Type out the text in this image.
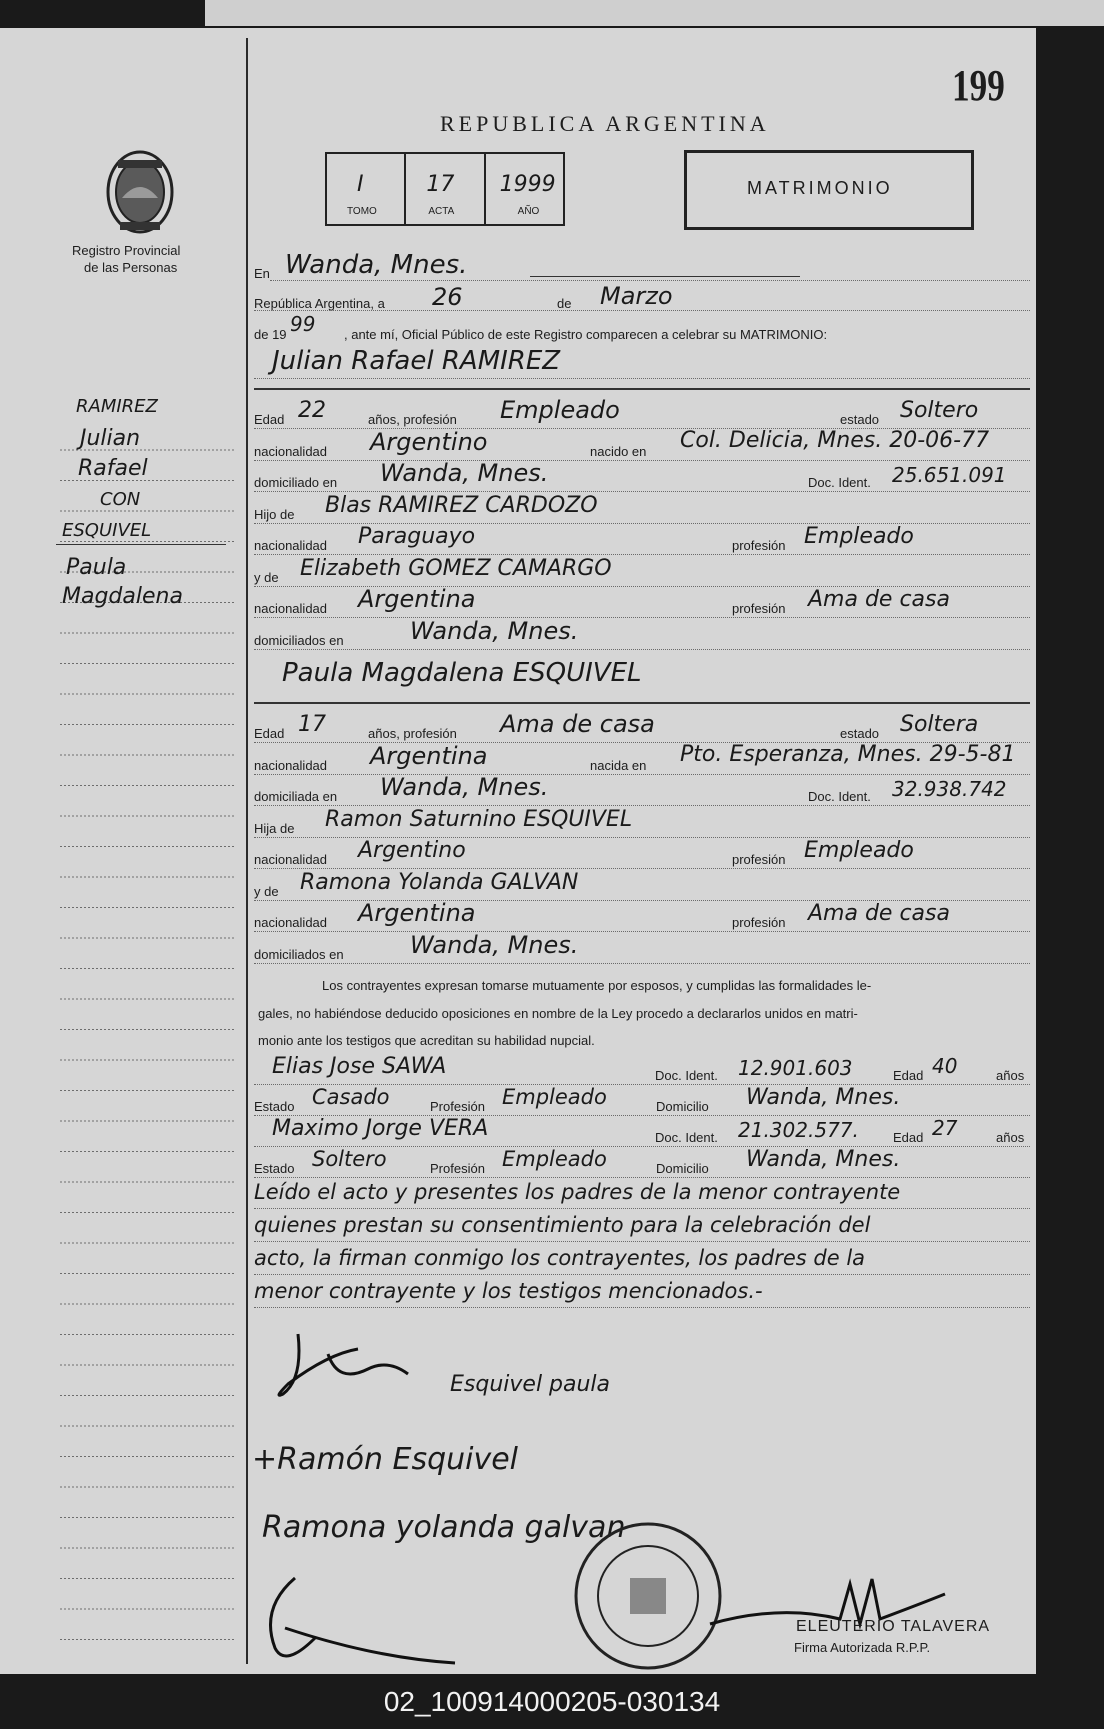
199
Registro Provincial
de las Personas
REPUBLICA ARGENTINA
I
TOMO
17
ACTA
1999
AÑO
MATRIMONIO
RAMIREZ
Julian
Rafael
CON
ESQUIVEL
Paula
Magdalena
En Wanda, Mnes.
República Argentina, a 26	de Marzo
de 19 99 , ante mí, Oficial Público de este Registro comparecen a celebrar su MATRIMONIO:
Julian Rafael RAMIREZ
Paula Magdalena ESQUIVEL
Los contrayentes expresan tomarse mutuamente por esposos, y cumplidas las formalidades le-
gales, no habiéndose deducido oposiciones en nombre de la Ley procedo a declararlos unidos en matri-
monio ante los testigos que acreditan su habilidad nupcial.
Leído el acto y presentes los padres de la menor contrayente
quienes prestan su consentimiento para la celebración del
acto, la firman conmigo los contrayentes, los padres de la
menor contrayente y los testigos mencionados.-
Esquivel paula
+Ramón Esquivel
Ramona yolanda galvan
ELEUTERIO TALAVERA
Firma Autorizada R.P.P.
Edad 22	años, profesión Empleado	estado Soltero
nacionalidad Argentino	nacido en Col. Delicia, Mnes. 20-06-77
domiciliado en Wanda, Mnes.	Doc. Ident. 25.651.091
Hijo de Blas RAMIREZ CARDOZO
nacionalidad Paraguayo	profesión Empleado
y de Elizabeth GOMEZ CAMARGO
nacionalidad Argentina	profesión Ama de casa
domiciliados en	Wanda, Mnes.
Edad 17	años, profesión Ama de casa	estado Soltera
nacionalidad Argentina	nacida en Pto. Esperanza, Mnes. 29-5-81
domiciliada en Wanda, Mnes.	Doc. Ident. 32.938.742
Hija de Ramon Saturnino ESQUIVEL
nacionalidad Argentino	profesión Empleado
y de Ramona Yolanda GALVAN
nacionalidad Argentina	profesión Ama de casa
domiciliados en	Wanda, Mnes.
Elias Jose SAWA	Doc. Ident. 12.901.603	Edad 40	años
Estado Casado	Profesión Empleado	Domicilio Wanda, Mnes.
Maximo Jorge VERA	Doc. Ident. 21.302.577.	Edad 27	años
Estado Soltero	Profesión Empleado	Domicilio Wanda, Mnes.
02_100914000205-030134
